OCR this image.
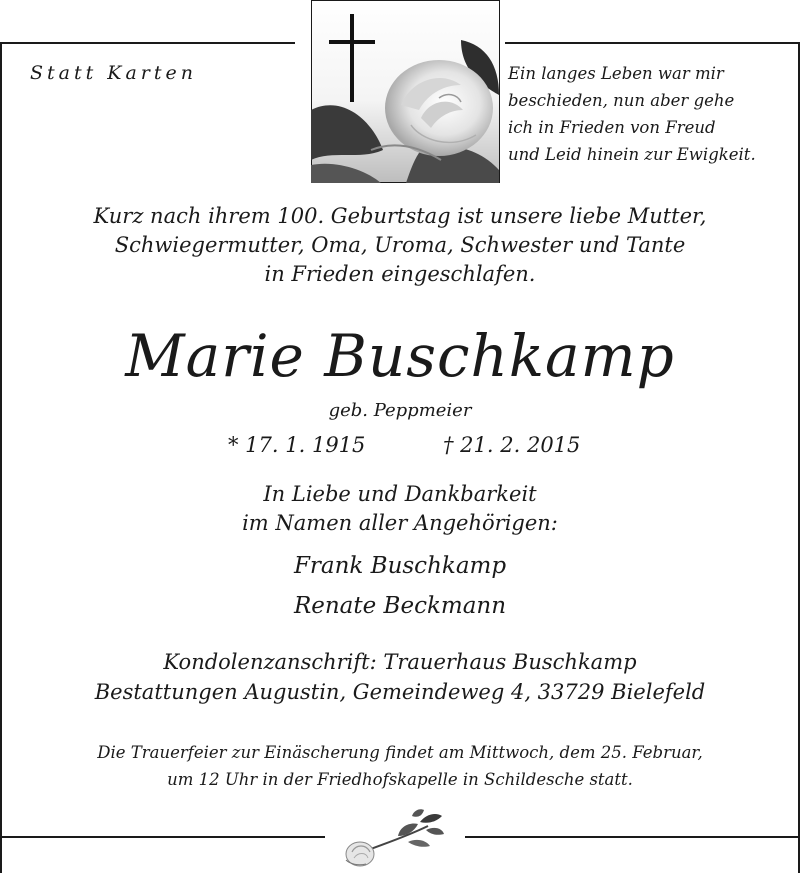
Statt Karten	Ein langes Leben war mir
beschieden, nun aber gehe
ich in Frieden von Freud
und Leid hinein zur Ewigkeit.
Kurz nach ihrem 100. Geburtstag ist unsere liebe Mutter,
Schwiegermutter, Oma, Uroma, Schwester und Tante
in Frieden eingeschlafen.
Marie Buschkamp
geb. Peppmeier
* 17. 1. 1915	† 21. 2. 2015
In Liebe und Dankbarkeit
im Namen aller Angehörigen:
Frank Buschkamp
Renate Beckmann
Kondolenzanschrift: Trauerhaus Buschkamp
Bestattungen Augustin, Gemeindeweg 4, 33729 Bielefeld
Die Trauerfeier zur Einäscherung findet am Mittwoch, dem 25. Februar,
um 12 Uhr in der Friedhofskapelle in Schildesche statt.
